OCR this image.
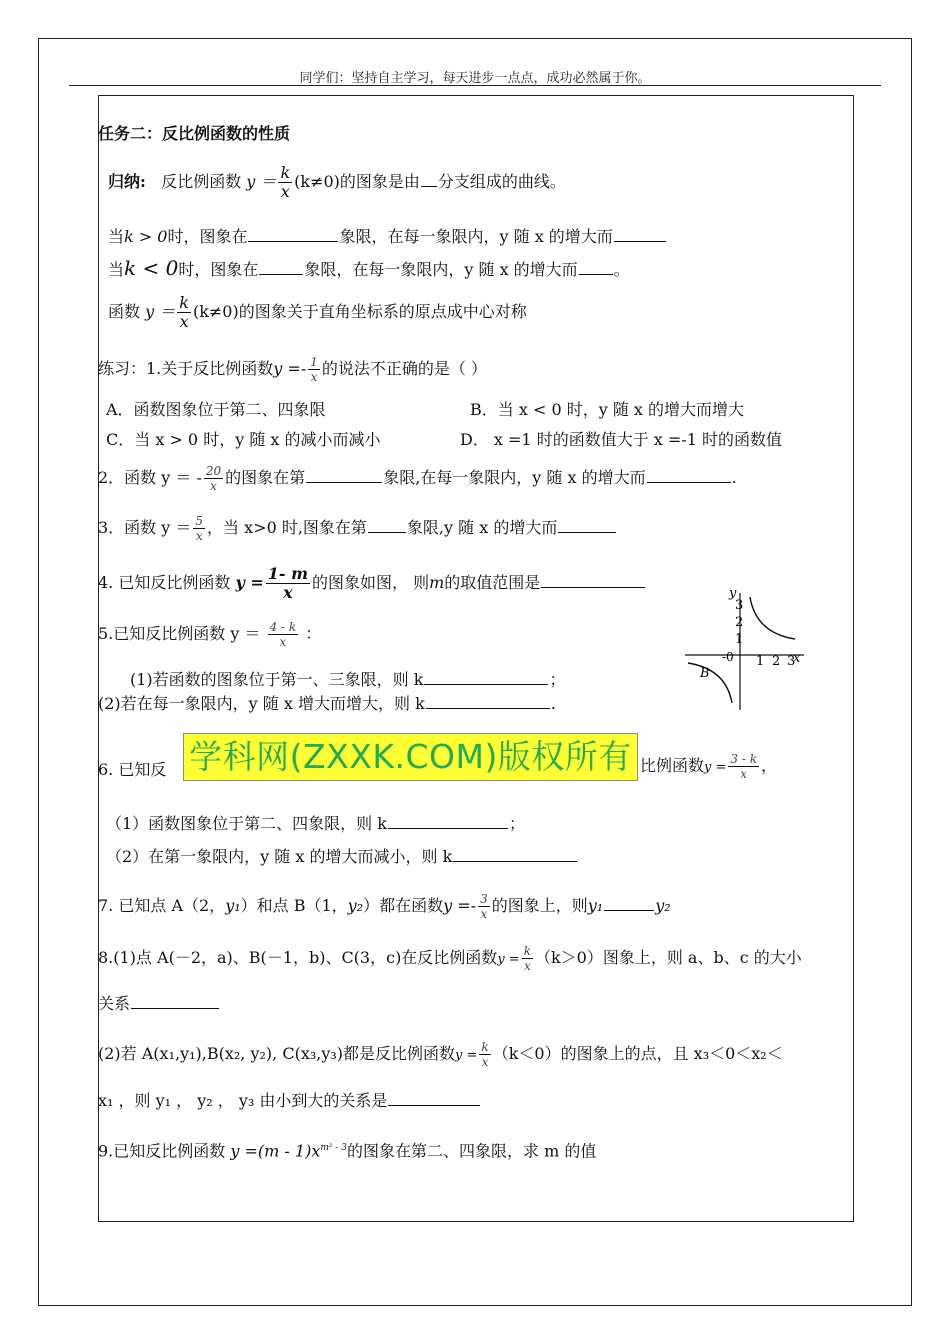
同学们：坚持自主学习，每天进步一点点，成功必然属于你。
任务二：反比例函数的性质
归纳: 反比例函数 $y = \frac{k}{x} (k\ne 0)$的图象是由 分支组成的曲线。
当k > 0时，图象在	象限，在每一象限内，y 随 x 的增大而
当k < 0时，图象在	象限，在每一象限内，y 随 x 的增大而 。
函数 $y = \frac{k}{x} (k\ne 0)$的图象关于直角坐标系的原点成中心对称
练习：1.关于反比例函数$y =- \frac{1}{x}$ 的说法不正确的是（ ）
A．函数图象位于第二、四象限	B．当 x < 0 时，y 随 x 的增大而增大
C．当 x > 0 时，y 随 x 的减小而减小	D． x =1 时的函数值大于 x =-1 时的函数值
2．函数 y ＝ - $\frac{20}{x}$ 的图象在第	象限,在每一象限内，y 随 x 的增大而	.
3．函数 $y = \frac{5}{x}$ ，当 x>0 时,图象在第	象限,y 随 x 的增大而
4. 已知反比例函数 $y = \frac{1- m}{x}$ 的图象如图， 则m的取值范围是
5.已知反比例函数 $y = \frac{4 - k}{x}$ ：
(1)若函数的图象位于第一、三象限，则 k	；
(2)若在每一象限内，y 随 x 增大而增大，则 k	.
y
x
3
2
1
1 2 3
-0
B
6. 已知反	比例函数$y = \frac{3 - k}{x}$ ，
学科网(ZXXK.COM)版权所有
（1）函数图象位于第二、四象限，则 k	；
（2）在第一象限内，y 随 x 的增大而减小，则 k
7. 已知点 A（2，y₁）和点 B（1，y₂）都在函数$y =- \frac{3}{x}$ 的图象上，则y₁	y₂
8.(1)点 A(－2，a)、B(－1，b)、C(3，c)在反比例函数$y = \frac{k}{x} (k>0)$图象上，则 a、b、c 的大小
关系
(2)若 A(x₁,y₁),B(x₂, y₂), C(x₃,y₃)都是反比例函数$y = \frac{k}{x} (k<0)$的图象上的点，且 x₃＜0＜x₂＜
x₁ ，则 y₁ ， y₂ ， y₃ 由小到大的关系是
9.已知反比例函数 $y =(m - 1)x^{m^2 - 3}$的图象在第二、四象限，求 m 的值
